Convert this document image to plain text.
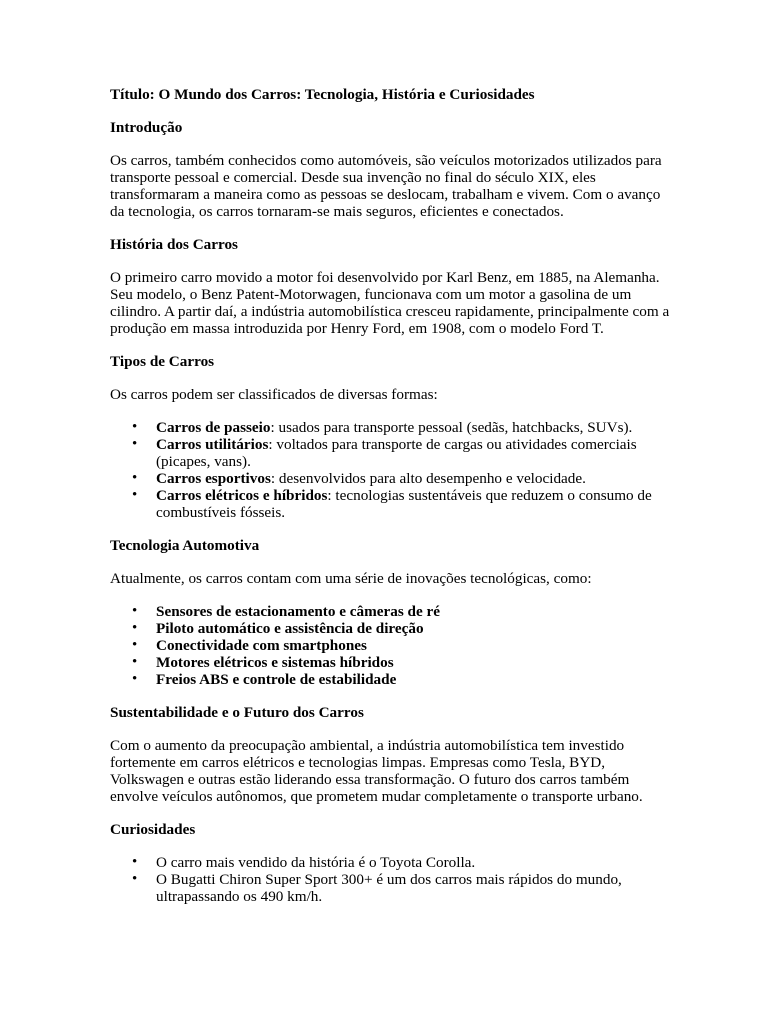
Título: O Mundo dos Carros: Tecnologia, História e Curiosidades
Introdução

Os carros, também conhecidos como automóveis, são veículos motorizados utilizados para transporte pessoal e comercial. Desde sua invenção no final do século XIX, eles transformaram a maneira como as pessoas se deslocam, trabalham e vivem. Com o avanço da tecnologia, os carros tornaram-se mais seguros, eficientes e conectados.

História dos Carros

O primeiro carro movido a motor foi desenvolvido por Karl Benz, em 1885, na Alemanha. Seu modelo, o Benz Patent-Motorwagen, funcionava com um motor a gasolina de um cilindro. A partir daí, a indústria automobilística cresceu rapidamente, principalmente com a produção em massa introduzida por Henry Ford, em 1908, com o modelo Ford T.

Tipos de Carros

Os carros podem ser classificados de diversas formas:

• Carros de passeio: usados para transporte pessoal (sedãs, hatchbacks, SUVs).
• Carros utilitários: voltados para transporte de cargas ou atividades comerciais (picapes, vans).
• Carros esportivos: desenvolvidos para alto desempenho e velocidade.
• Carros elétricos e híbridos: tecnologias sustentáveis que reduzem o consumo de combustíveis fósseis.
Tecnologia Automotiva

Atualmente, os carros contam com uma série de inovações tecnológicas, como:

• Sensores de estacionamento e câmeras de ré
• Piloto automático e assistência de direção
• Conectividade com smartphones
• Motores elétricos e sistemas híbridos
• Freios ABS e controle de estabilidade
Sustentabilidade e o Futuro dos Carros

Com o aumento da preocupação ambiental, a indústria automobilística tem investido fortemente em carros elétricos e tecnologias limpas. Empresas como Tesla, BYD, Volkswagen e outras estão liderando essa transformação. O futuro dos carros também envolve veículos autônomos, que prometem mudar completamente o transporte urbano.

Curiosidades
• O carro mais vendido da história é o Toyota Corolla.
• O Bugatti Chiron Super Sport 300+ é um dos carros mais rápidos do mundo, ultrapassando os 490 km/h.
